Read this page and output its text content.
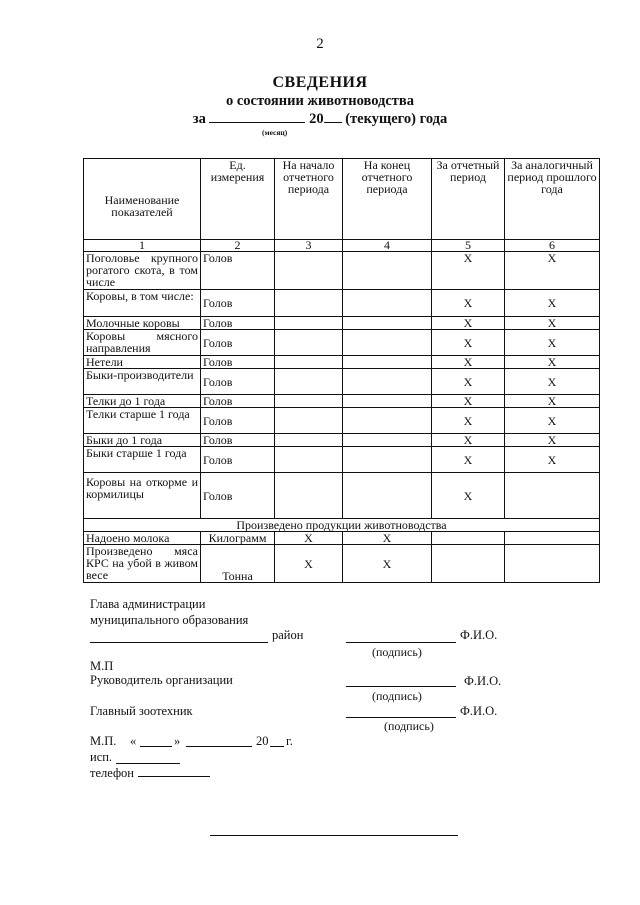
2
СВЕДЕНИЯ
о состоянии животноводства
за	20 (текущего) года
(месяц)
Наименование показателей	Ед. измерения	На начало отчетного периода	На конец отчетного периода	За отчетный период	За аналогичный период прошлого года
1	2	3	4	5	6
Поголовье крупного рогатого скота, в том числе	Голов			X	X
Коровы, в том числе:	Голов			X	X
Молочные коровы	Голов			X	X
Коровы мясного направления	Голов			X	X
Нетели	Голов			X	X
Быки-производители	Голов			X	X
Телки до 1 года	Голов			X	X
Телки старше 1 года	Голов			X	X
Быки до 1 года	Голов			X	X
Быки старше 1 года	Голов			X	X
Коровы на откорме и кормилицы	Голов			X	
Произведено продукции животноводства					
Надоено молока	Килограмм	X	X		
Произведено мяса КРС на убой в живом весе	Тонна	X	X		
Глава администрации
муниципального образования
район	Ф.И.О.
(подпись)
М.П
Руководитель организации	Ф.И.О.
(подпись)
Главный зоотехник	Ф.И.О.
(подпись)
М.П. «	»	20 г.
исп.
телефон
